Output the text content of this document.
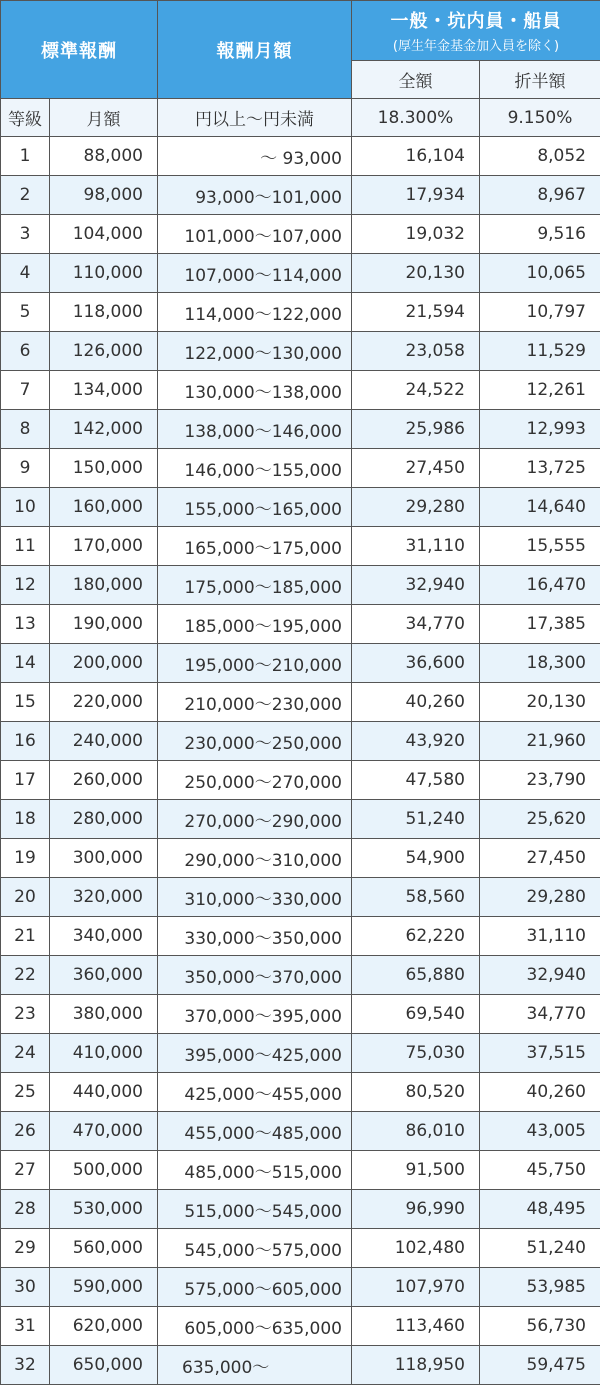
標準報酬		報酬月額	一般・坑内員・船員
(厚生年金基金加入員を除く)	

			全額	折半額
等級	月額	円以上～円未満	18.300%	9.150%
1	88,000	～ 93,000	16,104	8,052
2	98,000	93,000～101,000	17,934	8,967
3	104,000	101,000～107,000	19,032	9,516
4	110,000	107,000～114,000	20,130	10,065
5	118,000	114,000～122,000	21,594	10,797
6	126,000	122,000～130,000	23,058	11,529
7	134,000	130,000～138,000	24,522	12,261
8	142,000	138,000～146,000	25,986	12,993
9	150,000	146,000～155,000	27,450	13,725
10	160,000	155,000～165,000	29,280	14,640
11	170,000	165,000～175,000	31,110	15,555
12	180,000	175,000～185,000	32,940	16,470
13	190,000	185,000～195,000	34,770	17,385
14	200,000	195,000～210,000	36,600	18,300
15	220,000	210,000～230,000	40,260	20,130
16	240,000	230,000～250,000	43,920	21,960
17	260,000	250,000～270,000	47,580	23,790
18	280,000	270,000～290,000	51,240	25,620
19	300,000	290,000～310,000	54,900	27,450
20	320,000	310,000～330,000	58,560	29,280
21	340,000	330,000～350,000	62,220	31,110
22	360,000	350,000～370,000	65,880	32,940
23	380,000	370,000～395,000	69,540	34,770
24	410,000	395,000～425,000	75,030	37,515
25	440,000	425,000～455,000	80,520	40,260
26	470,000	455,000～485,000	86,010	43,005
27	500,000	485,000～515,000	91,500	45,750
28	530,000	515,000～545,000	96,990	48,495
29	560,000	545,000～575,000	102,480	51,240
30	590,000	575,000～605,000	107,970	53,985
31	620,000	605,000～635,000	113,460	56,730
32	650,000	635,000～	118,950	59,475
